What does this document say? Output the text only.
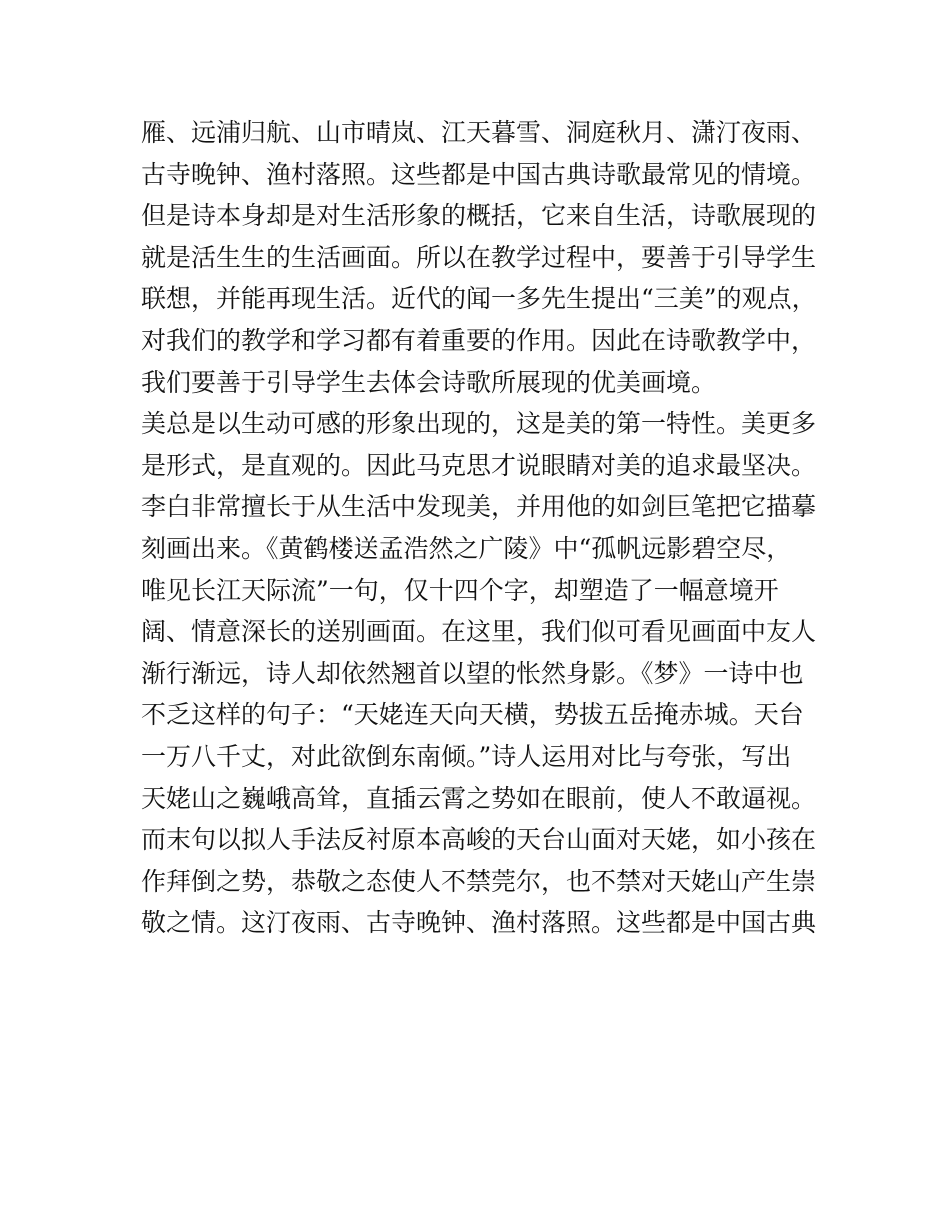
雁、远浦归航、山市晴岚、江天暮雪、洞庭秋月、潇汀夜雨、
古寺晚钟、渔村落照。这些都是中国古典诗歌最常见的情境。
但是诗本身却是对生活形象的概括，它来自生活，诗歌展现的
就是活生生的生活画面。所以在教学过程中，要善于引导学生
联想，并能再现生活。近代的闻一多先生提出“三美”的观点，
对我们的教学和学习都有着重要的作用。因此在诗歌教学中，
我们要善于引导学生去体会诗歌所展现的优美画境。
美总是以生动可感的形象出现的，这是美的第一特性。美更多
是形式，是直观的。因此马克思才说眼睛对美的追求最坚决。
李白非常擅长于从生活中发现美，并用他的如剑巨笔把它描摹
刻画出来。《黄鹤楼送孟浩然之广陵》中“孤帆远影碧空尽，
唯见长江天际流”一句，仅十四个字，却塑造了一幅意境开
阔、情意深长的送别画面。在这里，我们似可看见画面中友人
渐行渐远，诗人却依然翘首以望的怅然身影。《梦》一诗中也
不乏这样的句子：“天姥连天向天横，势拔五岳掩赤城。天台
一万八千丈，对此欲倒东南倾。”诗人运用对比与夸张，写出
天姥山之巍峨高耸，直插云霄之势如在眼前，使人不敢逼视。
而末句以拟人手法反衬原本高峻的天台山面对天姥，如小孩在
作拜倒之势，恭敬之态使人不禁莞尔，也不禁对天姥山产生崇
敬之情。这汀夜雨、古寺晚钟、渔村落照。这些都是中国古典
